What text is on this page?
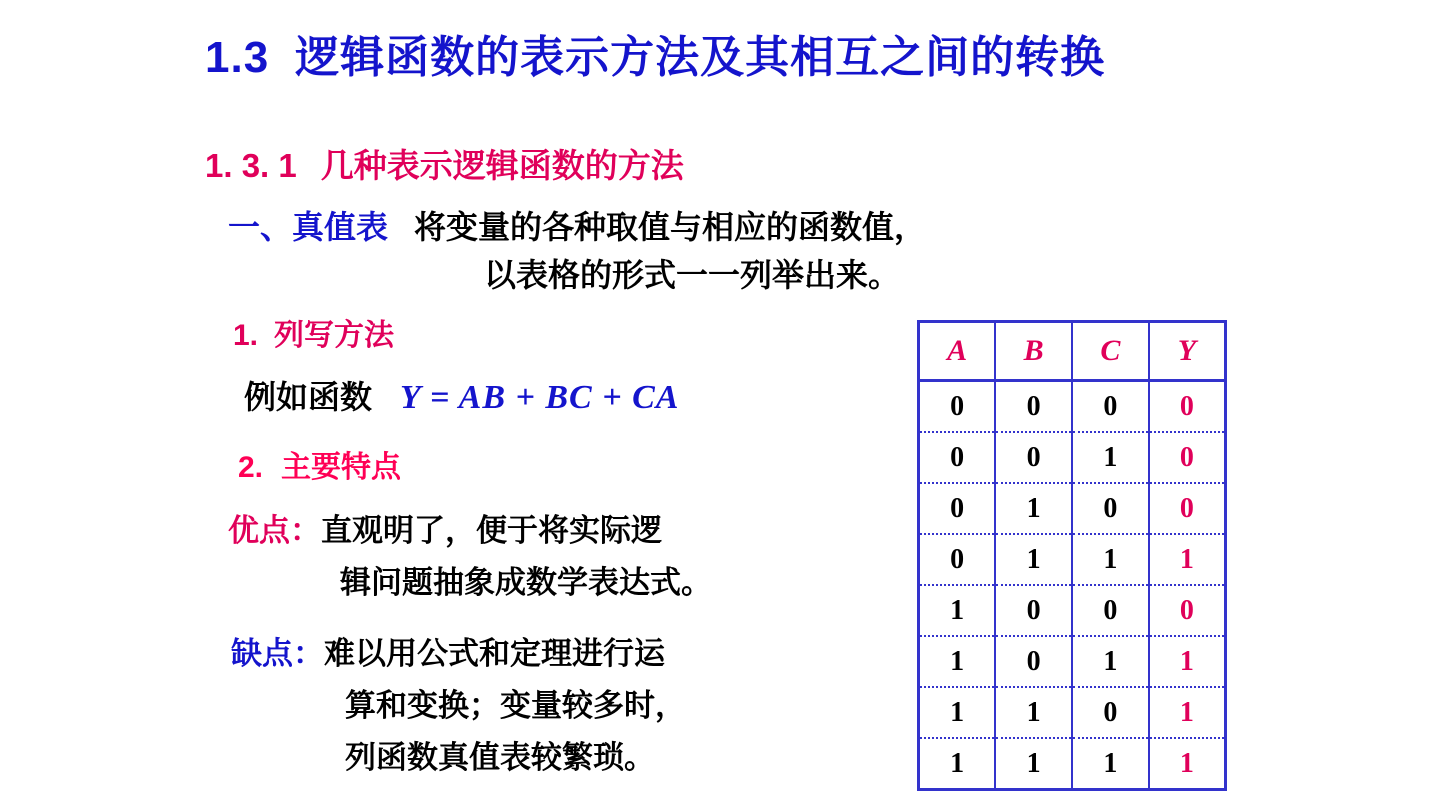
1.3 逻辑函数的表示方法及其相互之间的转换
1. 3. 1 几种表示逻辑函数的方法
一、真值表 将变量的各种取值与相应的函数值，
以表格的形式一一列举出来。
1. 列写方法
例如函数 Y = AB + BC + CA
2. 主要特点
优点：直观明了，便于将实际逻
辑问题抽象成数学表达式。
缺点：难以用公式和定理进行运
算和变换；变量较多时，
列函数真值表较繁琐。
A	B	C	Y
0	0	0	0
0	0	1	0
0	1	0	0
0	1	1	1
1	0	0	0
1	0	1	1
1	1	0	1
1	1	1	1
